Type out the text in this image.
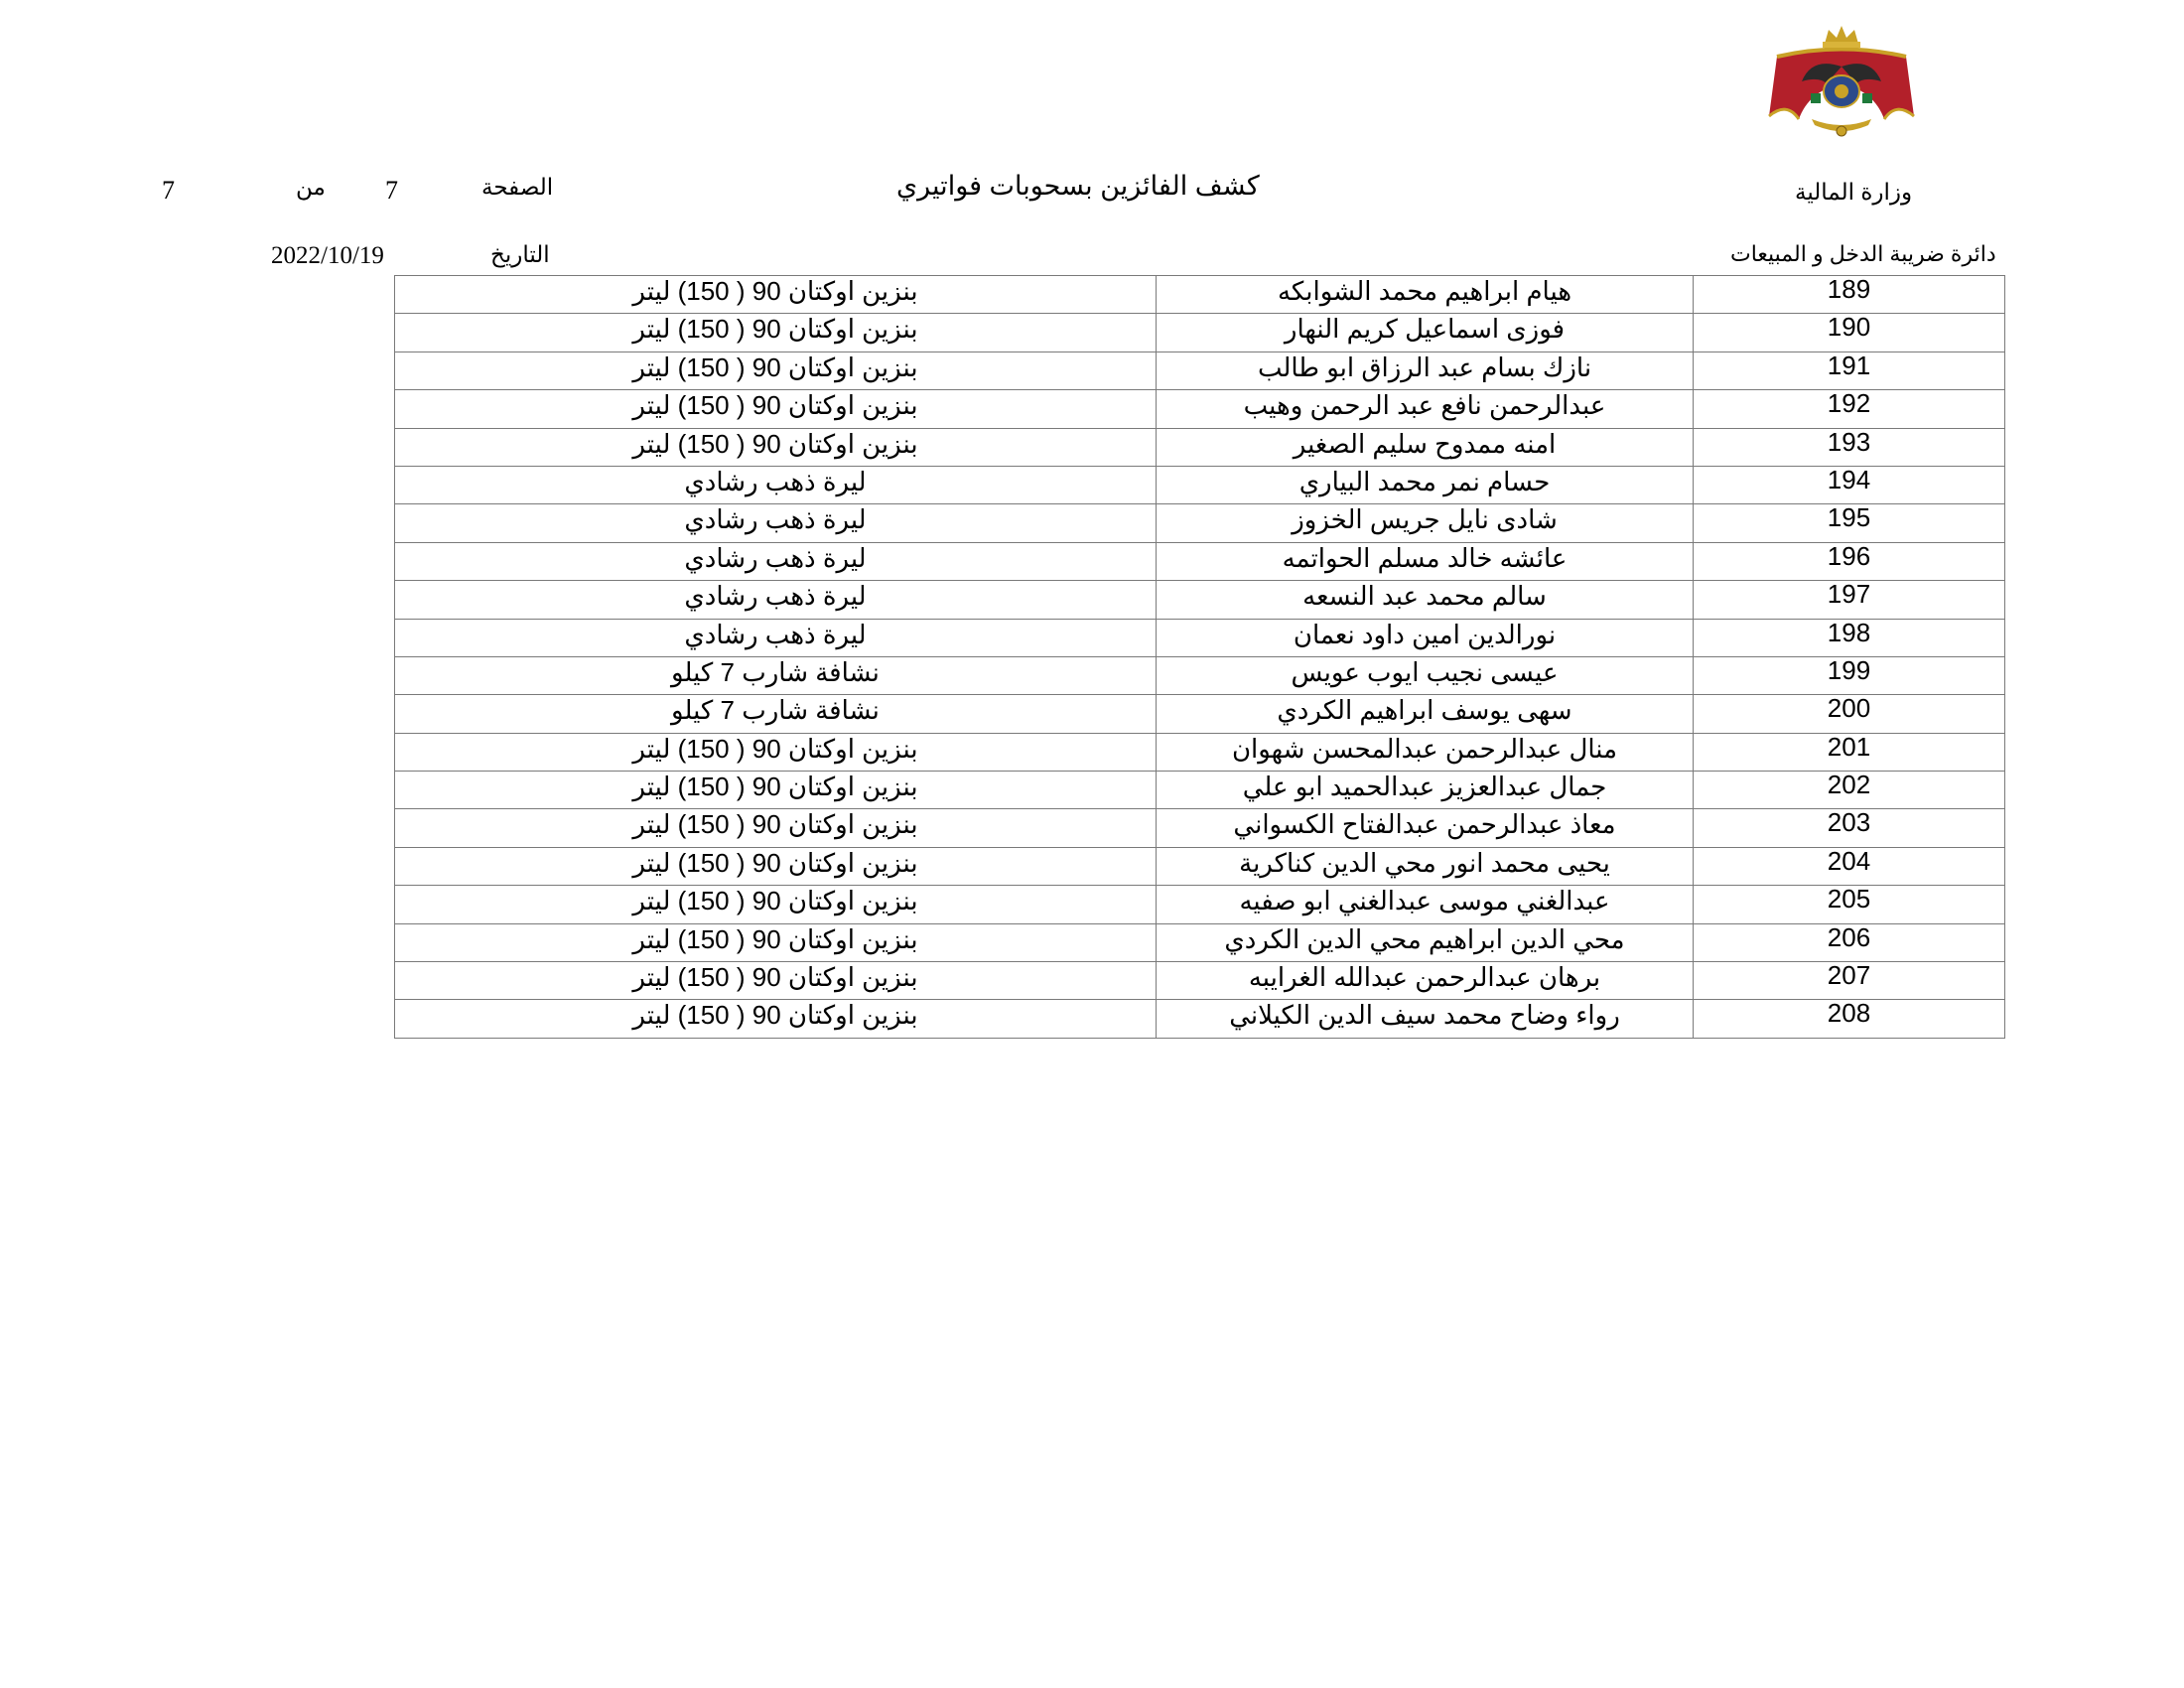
وزارة المالية
كشف الفائزين بسحوبات فواتيري
الصفحة
7
من
7
دائرة ضريبة الدخل و المبيعات
التاريخ
2022/10/19
بنزين اوكتان 90 ( 150) ليتر	هيام ابراهيم محمد الشوابكه	189
بنزين اوكتان 90 ( 150) ليتر	فوزى اسماعيل كريم النهار	190
بنزين اوكتان 90 ( 150) ليتر	نازك بسام عبد الرزاق ابو طالب	191
بنزين اوكتان 90 ( 150) ليتر	عبدالرحمن نافع عبد الرحمن وهيب	192
بنزين اوكتان 90 ( 150) ليتر	امنه ممدوح سليم الصغير	193
ليرة ذهب رشادي	حسام نمر محمد البياري	194
ليرة ذهب رشادي	شادى نايل جريس الخزوز	195
ليرة ذهب رشادي	عائشه خالد مسلم الحواتمه	196
ليرة ذهب رشادي	سالم محمد عبد النسعه	197
ليرة ذهب رشادي	نورالدين امين داود نعمان	198
نشافة شارب 7 كيلو	عيسى نجيب ايوب عويس	199
نشافة شارب 7 كيلو	سهى يوسف ابراهيم الكردي	200
بنزين اوكتان 90 ( 150) ليتر	منال عبدالرحمن عبدالمحسن شهوان	201
بنزين اوكتان 90 ( 150) ليتر	جمال عبدالعزيز عبدالحميد ابو علي	202
بنزين اوكتان 90 ( 150) ليتر	معاذ عبدالرحمن عبدالفتاح الكسواني	203
بنزين اوكتان 90 ( 150) ليتر	يحيى محمد انور محي الدين كناكرية	204
بنزين اوكتان 90 ( 150) ليتر	عبدالغني موسى عبدالغني ابو صفيه	205
بنزين اوكتان 90 ( 150) ليتر	محي الدين ابراهيم محي الدين الكردي	206
بنزين اوكتان 90 ( 150) ليتر	برهان عبدالرحمن عبدالله الغرايبه	207
بنزين اوكتان 90 ( 150) ليتر	رواء وضاح محمد سيف الدين الكيلاني	208
